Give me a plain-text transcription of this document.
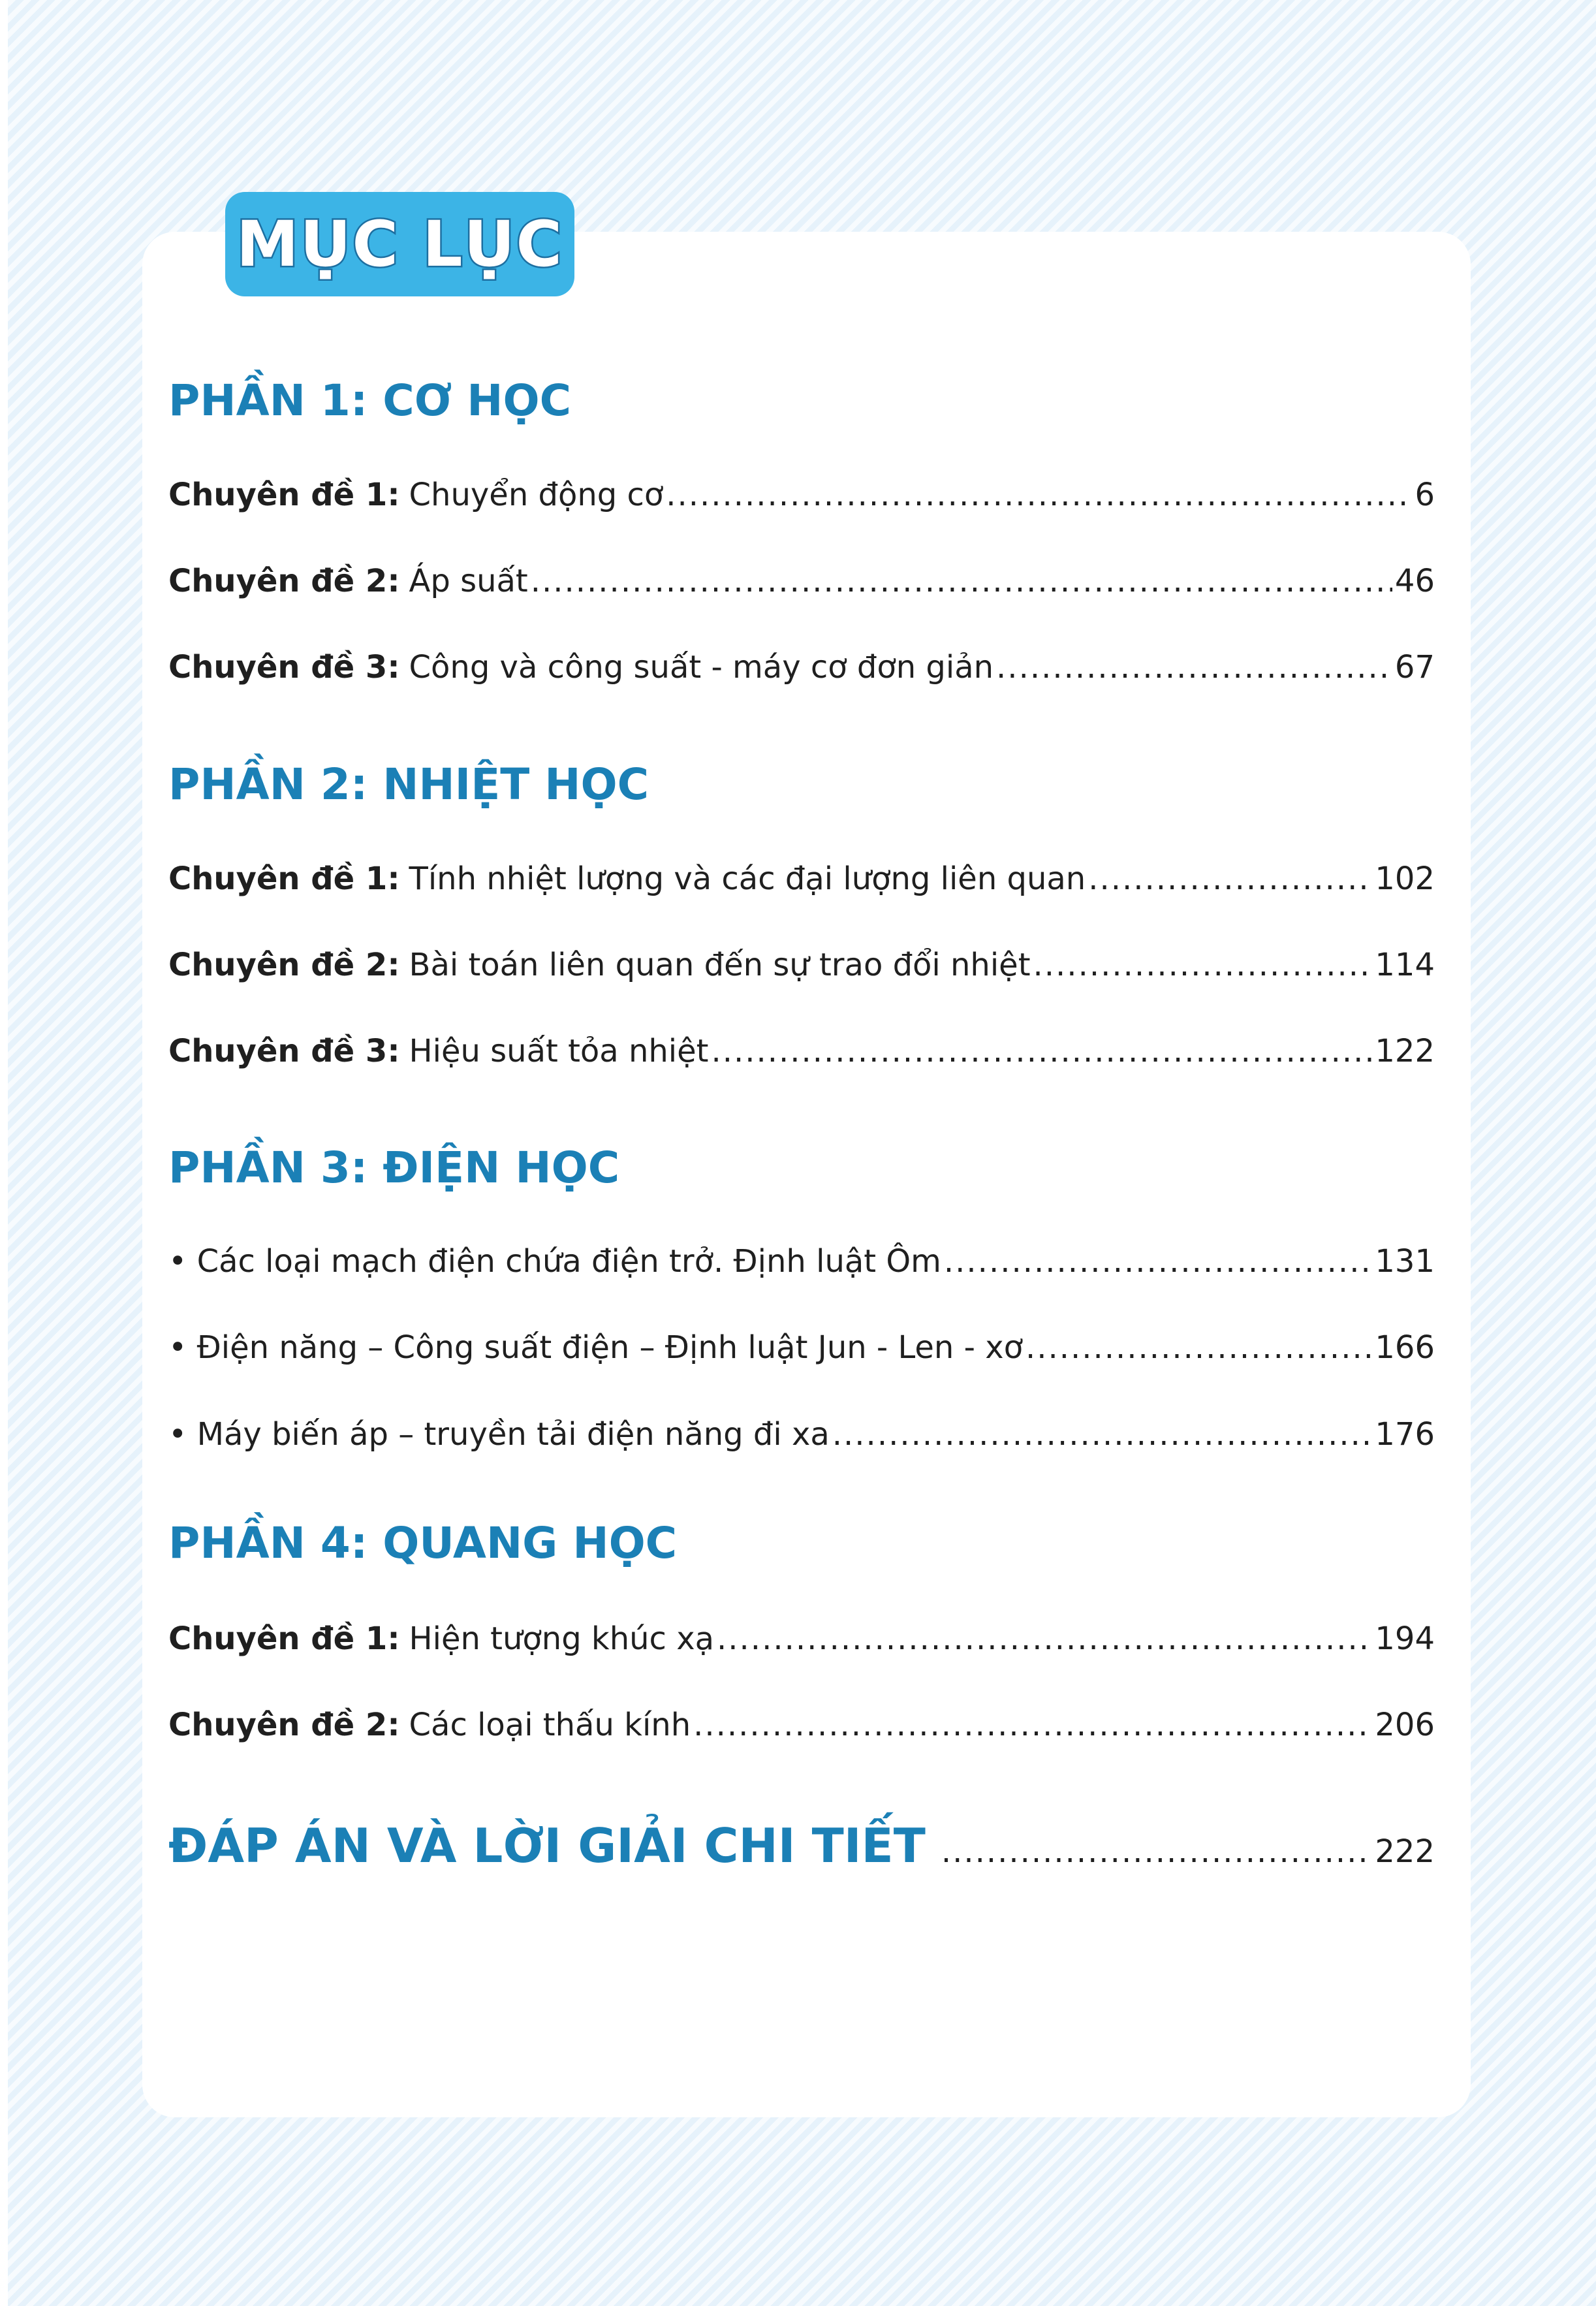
MỤC LỤC
PHẦN 1: CƠ HỌC
Chuyên đề 1: Chuyển động cơ .....	6
Chuyên đề 2: Áp suất .....	46
Chuyên đề 3: Công và công suất - máy cơ đơn giản .....	67
PHẦN 2: NHIỆT HỌC
Chuyên đề 1: Tính nhiệt lượng và các đại lượng liên quan .....	102
Chuyên đề 2: Bài toán liên quan đến sự trao đổi nhiệt .....	114
Chuyên đề 3: Hiệu suất tỏa nhiệt .....	122
PHẦN 3: ĐIỆN HỌC
• Các loại mạch điện chứa điện trở. Định luật Ôm .....	131
• Điện năng – Công suất điện – Định luật Jun - Len - xơ .....	166
• Máy biến áp – truyền tải điện năng đi xa .....	176
PHẦN 4: QUANG HỌC
Chuyên đề 1: Hiện tượng khúc xạ .....	194
Chuyên đề 2: Các loại thấu kính .....	206
ĐÁP ÁN VÀ LỜI GIẢI CHI TIẾT .....	222
